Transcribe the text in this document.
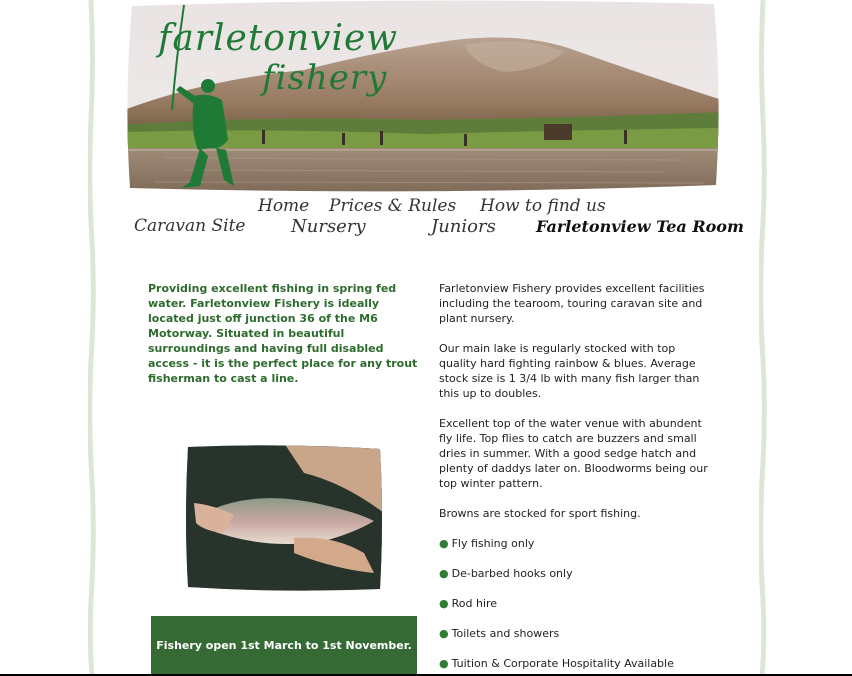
farletonview
fishery
Home Prices & Rules How to find us
Caravan Site	Nursery	Juniors	Farletonview Tea Room
Providing excellent fishing in spring fed water. Farletonview Fishery is ideally located just off junction 36 of the M6 Motorway. Situated in beautiful surroundings and having full disabled access - it is the perfect place for any trout fisherman to cast a line.
Fishery open 1st March to 1st November.

Farletonview Fishery provides excellent facilities including the tearoom, touring caravan site and plant nursery.

Our main lake is regularly stocked with top quality hard fighting rainbow & blues. Average stock size is 1 3/4 lb with many fish larger than this up to doubles.

Excellent top of the water venue with abundent fly life. Top flies to catch are buzzers and small dries in summer. With a good sedge hatch and plenty of daddys later on. Bloodworms being our top winter pattern.

Browns are stocked for sport fishing.

● Fly fishing only
● De-barbed hooks only
● Rod hire
● Toilets and showers
● Tuition & Corporate Hospitality Available
